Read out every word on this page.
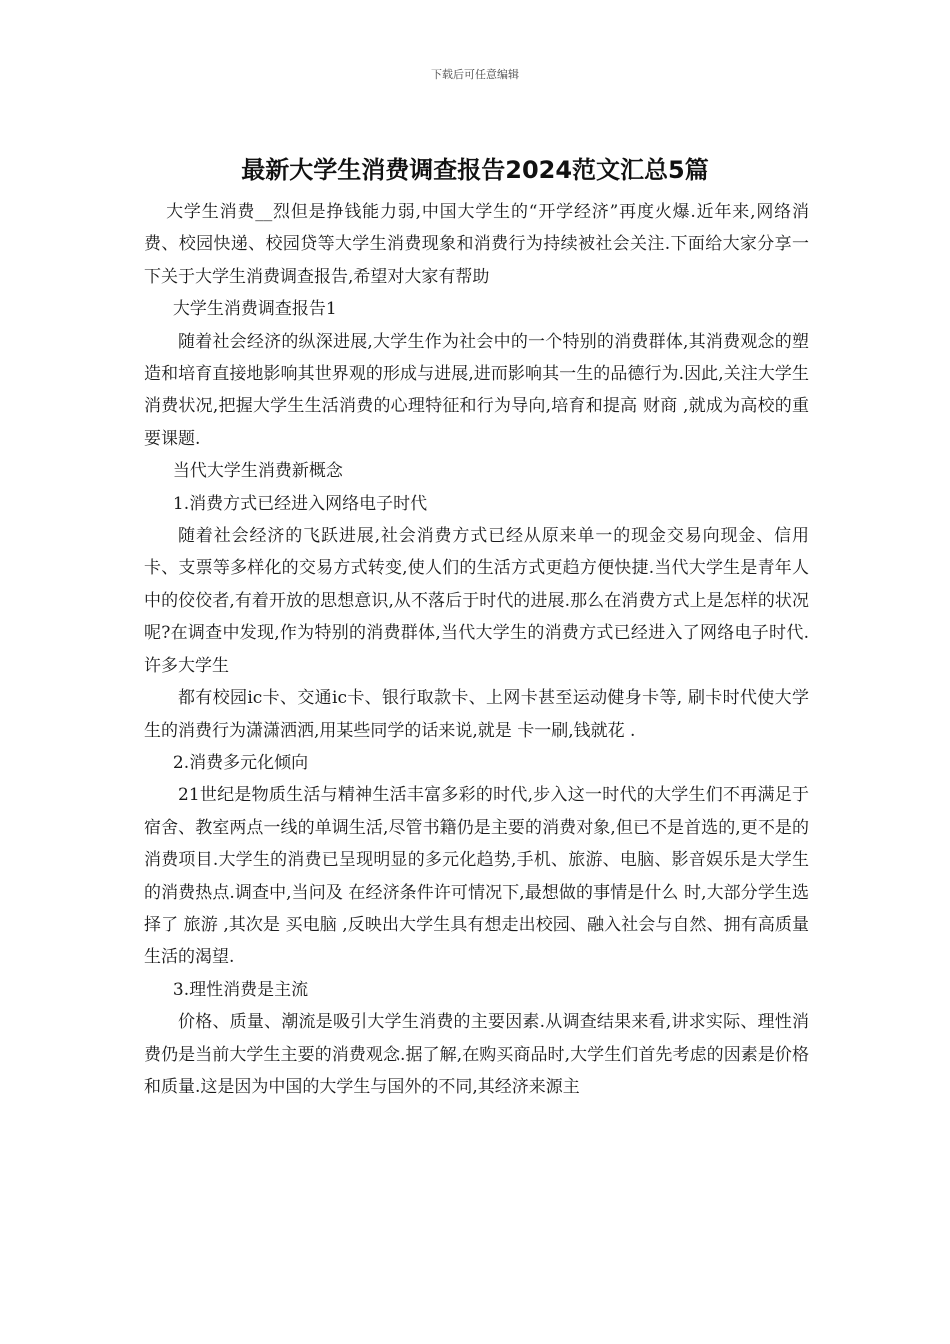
下载后可任意编辑
最新大学生消费调查报告2024范文汇总5篇

大学生消费__烈但是挣钱能力弱,中国大学生的“开学经济”再度火爆.近年来,网络消费、校园快递、校园贷等大学生消费现象和消费行为持续被社会关注.下面给大家分享一下关于大学生消费调查报告,希望对大家有帮助

大学生消费调查报告1

随着社会经济的纵深进展,大学生作为社会中的一个特别的消费群体,其消费观念的塑造和培育直接地影响其世界观的形成与进展,进而影响其一生的品德行为.因此,关注大学生消费状况,把握大学生生活消费的心理特征和行为导向,培育和提高 财商 ,就成为高校的重要课题.

当代大学生消费新概念

1.消费方式已经进入网络电子时代

随着社会经济的飞跃进展,社会消费方式已经从原来单一的现金交易向现金、信用卡、支票等多样化的交易方式转变,使人们的生活方式更趋方便快捷.当代大学生是青年人中的佼佼者,有着开放的思想意识,从不落后于时代的进展.那么在消费方式上是怎样的状况呢?在调查中发现,作为特别的消费群体,当代大学生的消费方式已经进入了网络电子时代.许多大学生

都有校园ic卡、交通ic卡、银行取款卡、上网卡甚至运动健身卡等, 刷卡时代使大学生的消费行为潇潇洒洒,用某些同学的话来说,就是 卡一刷,钱就花 .

2.消费多元化倾向

21世纪是物质生活与精神生活丰富多彩的时代,步入这一时代的大学生们不再满足于宿舍、教室两点一线的单调生活,尽管书籍仍是主要的消费对象,但已不是首选的,更不是的消费项目.大学生的消费已呈现明显的多元化趋势,手机、旅游、电脑、影音娱乐是大学生的消费热点.调查中,当问及 在经济条件许可情况下,最想做的事情是什么 时,大部分学生选择了 旅游 ,其次是 买电脑 ,反映出大学生具有想走出校园、融入社会与自然、拥有高质量生活的渴望.

3.理性消费是主流

价格、质量、潮流是吸引大学生消费的主要因素.从调查结果来看,讲求实际、理性消费仍是当前大学生主要的消费观念.据了解,在购买商品时,大学生们首先考虑的因素是价格和质量.这是因为中国的大学生与国外的不同,其经济来源主
